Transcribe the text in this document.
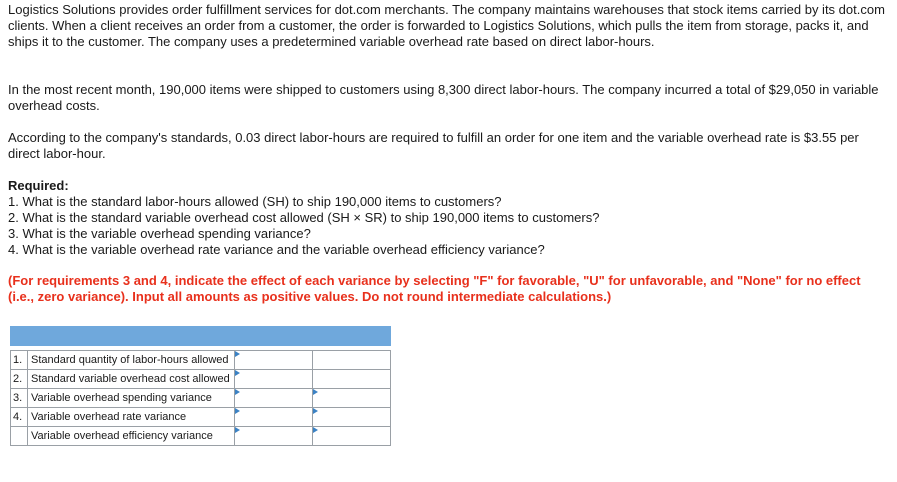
Logistics Solutions provides order fulfillment services for dot.com merchants. The company maintains warehouses that stock items carried by its dot.com clients. When a client receives an order from a customer, the order is forwarded to Logistics Solutions, which pulls the item from storage, packs it, and ships it to the customer. The company uses a predetermined variable overhead rate based on direct labor-hours.

In the most recent month, 190,000 items were shipped to customers using 8,300 direct labor-hours. The company incurred a total of $29,050 in variable overhead costs.

According to the company's standards, 0.03 direct labor-hours are required to fulfill an order for one item and the variable overhead rate is $3.55 per direct labor-hour.

Required:
1. What is the standard labor-hours allowed (SH) to ship 190,000 items to customers?
2. What is the standard variable overhead cost allowed (SH × SR) to ship 190,000 items to customers?
3. What is the variable overhead spending variance?
4. What is the variable overhead rate variance and the variable overhead efficiency variance?

(For requirements 3 and 4, indicate the effect of each variance by selecting "F" for favorable, "U" for unfavorable, and "None" for no effect (i.e., zero variance). Input all amounts as positive values. Do not round intermediate calculations.)

1.	Standard quantity of labor-hours allowed		
2.	Standard variable overhead cost allowed		
3.	Variable overhead spending variance		
4.	Variable overhead rate variance		
	Variable overhead efficiency variance		
